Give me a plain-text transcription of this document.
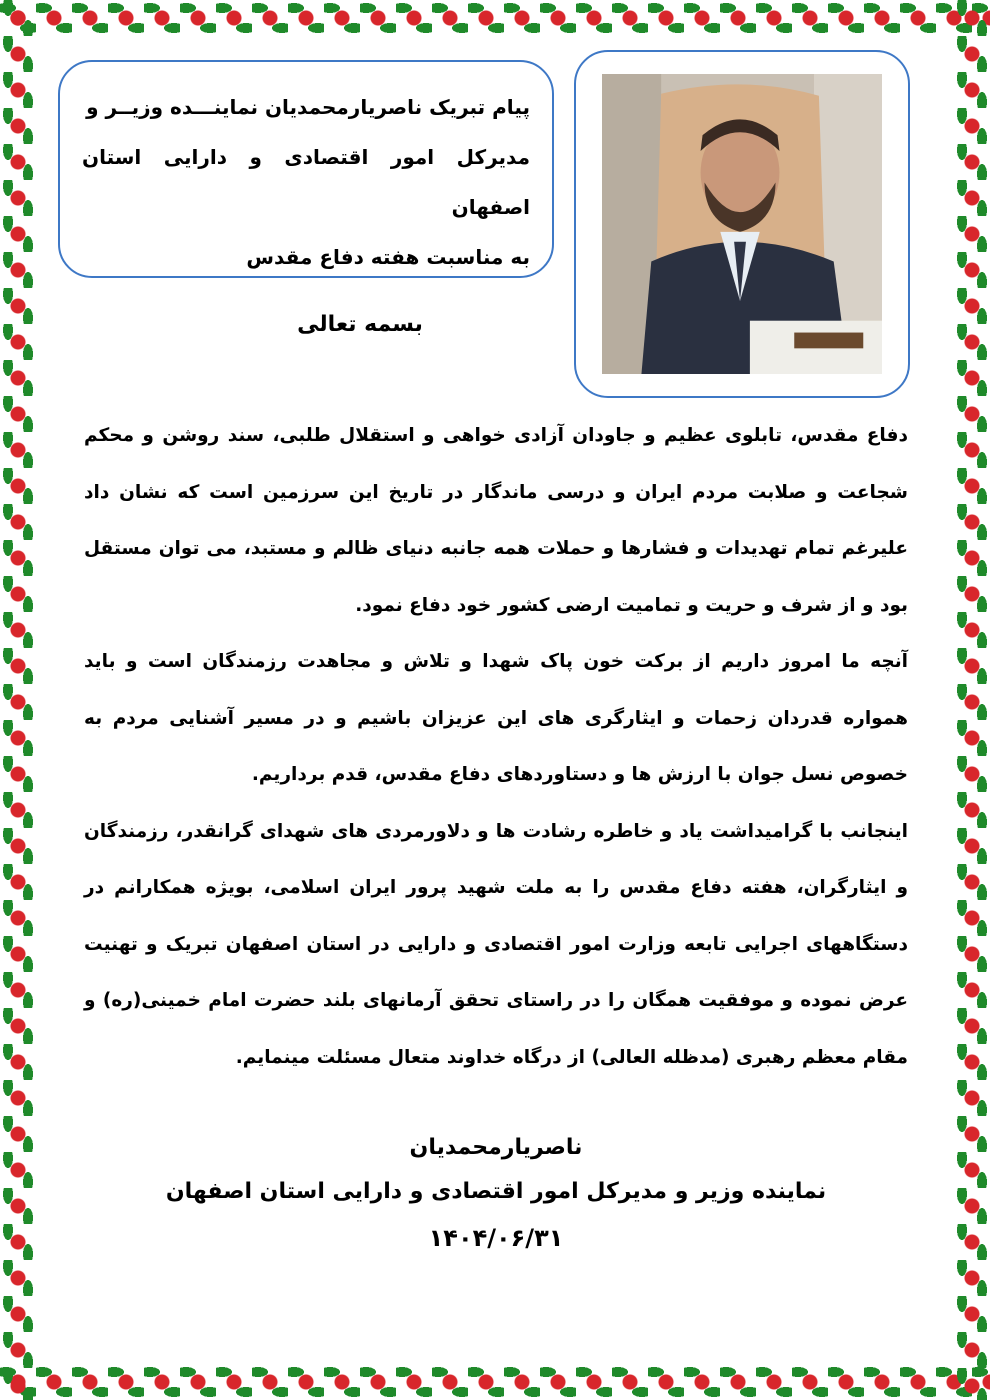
پیام تبریک ناصریارمحمدیان نماینـــده وزیــر و
مدیرکل امور اقتصادی و دارایی استان اصفهان
به مناسبت هفته دفاع مقدس
بسمه تعالی

دفاع مقدس، تابلوی عظیم و جاودان آزادی خواهی و استقلال طلبی، سند روشن و محکم شجاعت و صلابت مردم ایران و درسی ماندگار در تاریخ این سرزمین است که نشان داد علیرغم تمام تهدیدات و فشارها و حملات همه جانبه دنیای ظالم و مستبد، می توان مستقل بود و از شرف و حریت و تمامیت ارضی کشور خود دفاع نمود.

آنچه ما امروز داریم از برکت خون پاک شهدا و تلاش و مجاهدت رزمندگان است و باید همواره قدردان زحمات و ایثارگری های این عزیزان باشیم و در مسیر آشنایی مردم به خصوص نسل جوان با ارزش ها و دستاوردهای دفاع مقدس، قدم برداریم.

اینجانب با گرامیداشت یاد و خاطره رشادت ها و دلاورمردی های شهدای گرانقدر، رزمندگان و ایثارگران، هفته دفاع مقدس را به ملت شهید پرور ایران اسلامی، بویژه همکارانم در دستگاههای اجرایی تابعه وزارت امور اقتصادی و دارایی در استان اصفهان تبریک و تهنیت عرض نموده و موفقیت همگان را در راستای تحقق آرمانهای بلند حضرت امام خمینی(ره) و مقام معظم رهبری (مدظله العالی) از درگاه خداوند متعال مسئلت مینمایم.

ناصریارمحمدیان
نماینده وزیر و مدیرکل امور اقتصادی و دارایی استان اصفهان
۱۴۰۴/۰۶/۳۱
